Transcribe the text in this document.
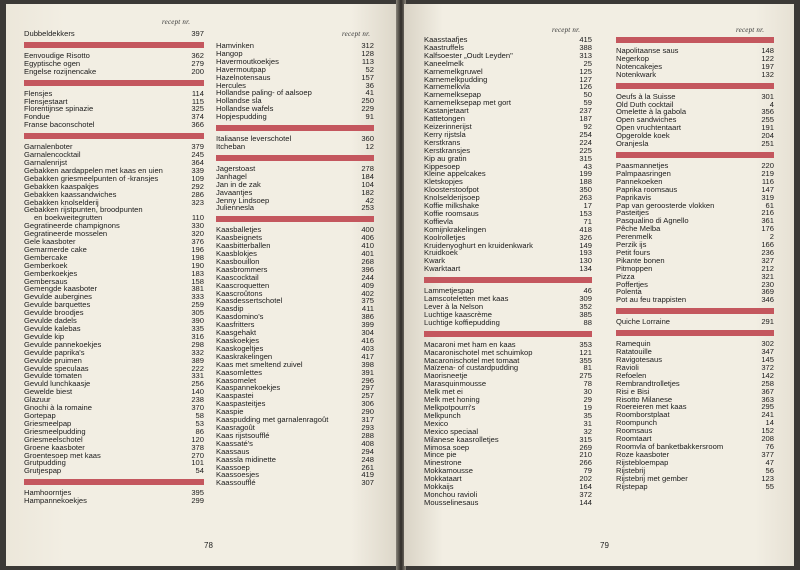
recept nr.
recept nr.
Dubbeldekkers	397
Eenvoudige Risotto	362
Egyptische ogen	279
Engelse rozijnencake	200
Flensjes	114
Flensjestaart	115
Florentijnse spinazie	325
Fondue	374
Franse baconschotel	366
Garnalenboter	379
Garnalencocktail	245
Garnalenrijst	364
Gebakken aardappelen met kaas en uien	339
Gebakken griesmeelpunten of -kransjes	109
Gebakken kaaspakjes	292
Gebakken kaassandwiches	286
Gebakken knolselderij	323
Gebakken rijstpunten, broodpunten
en boekweitegrutten	110
Gegratineerde champignons	330
Gegratineerde mosselen	320
Gele kaasboter	376
Gemarmerde cake	196
Gembercake	198
Gemberkoek	190
Gemberkoekjes	183
Gembersaus	158
Gemengde kaasboter	381
Gevulde aubergines	333
Gevulde barquettes	259
Gevulde broodjes	305
Gevulde dadels	390
Gevulde kalebas	335
Gevulde kip	316
Gevulde pannekoekjes	298
Gevulde paprika's	332
Gevulde pruimen	389
Gevulde speculaas	222
Gevulde tomaten	331
Gevuld lunchkaasje	256
Gewelde biest	140
Glazuur	238
Gnochi à la romaine	370
Gortepap	58
Griesmeelpap	53
Griesmeelpudding	86
Griesmeelschotel	120
Groene kaasboter	378
Groentesoep met kaas	270
Grutpudding	101
Grutjespap	54
Hamhoorntjes	395
Hampannekoekjes	299
Hamvinken	312
Hangop	128
Havermoutkoekjes	113
Havermoutpap	52
Hazelnotensaus	157
Hercules	36
Hollandse paling- of aalsoep	41
Hollandse sla	250
Hollandse wafels	229
Hopjespudding	91
Italiaanse leverschotel	360
Itcheban	12
Jagerstoast	278
Janhagel	184
Jan in de zak	104
Javaantjes	182
Jenny Lindsoep	42
Juliennesla	253
Kaasballetjes	400
Kaasbeignets	406
Kaasbitterballen	410
Kaasblokjes	401
Kaasbouillon	268
Kaasbrommers	396
Kaascocktail	244
Kaascroquetten	409
Kaascroûtons	402
Kaasdessertschotel	375
Kaasdip	411
Kaasdomino's	386
Kaasfritters	399
Kaasgehakt	304
Kaaskoekjes	416
Kaaskogeltjes	403
Kaaskrakelingen	417
Kaas met smeltend zuivel	398
Kaasomlettes	391
Kaasomelet	296
Kaaspannekoekjes	297
Kaaspastei	257
Kaaspasteitjes	306
Kaaspie	290
Kaaspudding met garnalenragoût	317
Kaasragoût	293
Kaas rijstsoufflé	288
Kaassaté's	408
Kaassaus	294
Kaassla midinette	248
Kaassoep	261
Kaassoesjes	419
Kaassoufflé	307
78
recept nr.	recept nr.
Kaasstaafjes	415
Kaastruffels	388
Kalfsoester „Oudt Leyden"	313
Kaneelmelk	25
Karnemelkgruwel	125
Karnemelkpudding	127
Karnemelkvla	126
Karnemelksepap	50
Karnemelksepap met gort	59
Kastanjetaart	237
Kattetongen	187
Keizerinnerijst	92
Kerry rijstsla	254
Kerstkrans	224
Kerstkransjes	225
Kip au gratin	315
Kippesoep	43
Kleine appelcakes	199
Kletskopjes	188
Kloosterstoofpot	350
Knolselderijsoep	263
Koffie milkshake	17
Koffie roomsaus	153
Koffievla	71
Komijnkrakelingen	418
Koolrolletjes	326
Kruidenyoghurt en kruidenkwark	149
Kruidkoek	193
Kwark	130
Kwarktaart	134
Lammetjespap	46
Lamscoteletten met kaas	309
Lever à la Nelson	352
Luchtige kaascrème	385
Luchtige koffiepudding	88
Macaroni met ham en kaas	353
Macaronischotel met schuimkop	121
Macaronischotel met tomaat	355
Maïzena- of custardpudding	81
Maorisneetje	275
Marasquinmousse	78
Melk met ei	30
Melk met honing	29
Melkpotpourri's	19
Melkpunch	35
Mexico	31
Mexico speciaal	32
Milanese kaasrolletjes	315
Mimosa soep	269
Mince pie	210
Minestrone	266
Mokkamousse	79
Mokkataart	202
Mokkaijs	164
Monchou ravioli	372
Mousselinesaus	144
Napolitaanse saus	148
Negerkop	122
Notencakejes	197
Notenkwark	132
Oeufs à la Suisse	301
Old Duth cocktail	4
Omelette à la gabola	356
Open sandwiches	255
Open vruchtentaart	191
Opgerolde koek	204
Oranjesla	251
Paasmannetjes	220
Palmpaasringen	219
Pannekoeken	116
Paprika roomsaus	147
Paprikavis	319
Pap van geroosterde vlokken	61
Pasteitjes	216
Pasqualino di Agnello	361
Pêche Melba	176
Perenmelk	2
Perzik ijs	166
Petit fours	236
Pikante bonen	327
Pitmoppen	212
Pizza	321
Poffertjes	230
Polenta	369
Pot au feu trappisten	346
Quiche Lorraine	291
Ramequin	302
Ratatouille	347
Ravigotesaus	145
Ravioli	372
Refoelen	142
Rembrandtrolletjes	258
Risi e Bisi	367
Risotto Milanese	363
Roereieren met kaas	295
Roomborstplaat	241
Roompunch	14
Roomsaus	152
Roomtaart	208
Roomvla of banketbakkersroom	76
Roze kaasboter	377
Rijstebloempap	47
Rijstebrij	56
Rijstebrij met gember	123
Rijstepap	55
79
